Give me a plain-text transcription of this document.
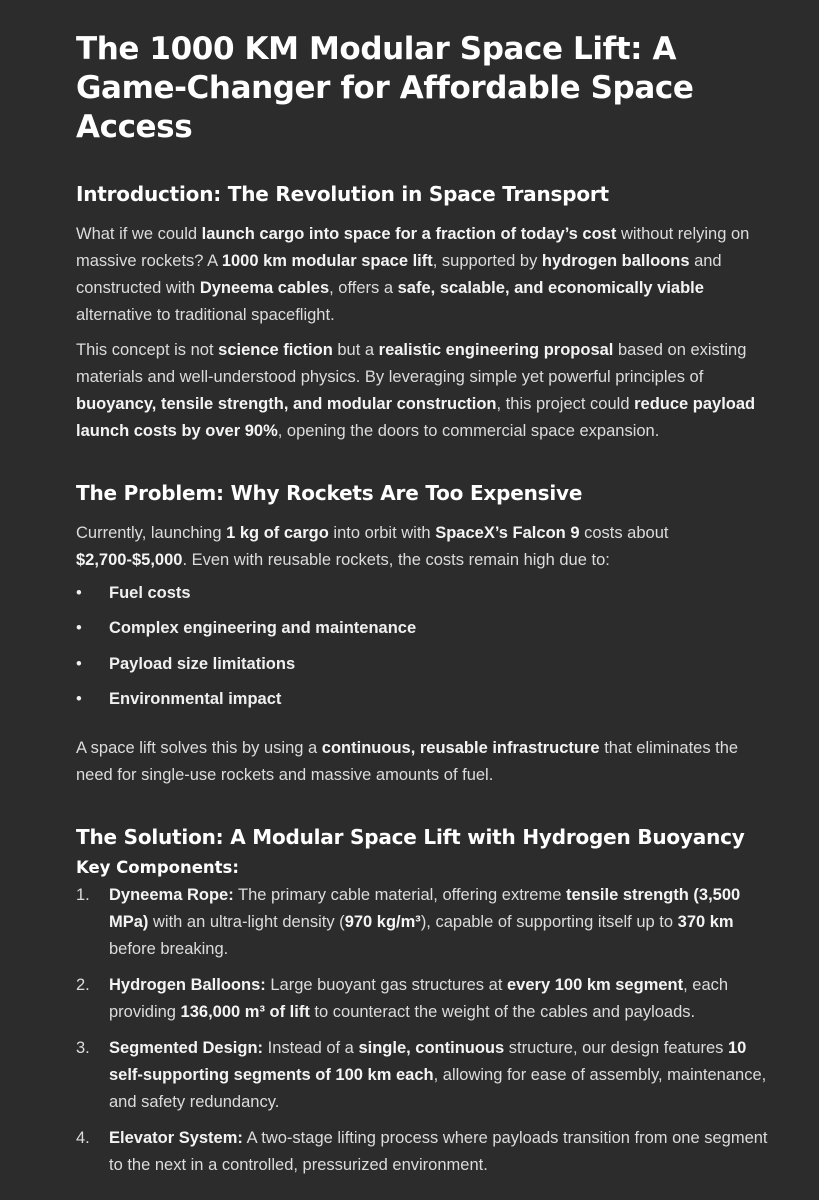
The 1000 KM Modular Space Lift: A Game-Changer for Affordable Space Access
Introduction: The Revolution in Space Transport

What if we could launch cargo into space for a fraction of today’s cost without relying on massive rockets? A 1000 km modular space lift, supported by hydrogen balloons and constructed with Dyneema cables, offers a safe, scalable, and economically viable alternative to traditional spaceflight.

This concept is not science fiction but a realistic engineering proposal based on existing materials and well-understood physics. By leveraging simple yet powerful principles of buoyancy, tensile strength, and modular construction, this project could reduce payload launch costs by over 90%, opening the doors to commercial space expansion.

The Problem: Why Rockets Are Too Expensive

Currently, launching 1 kg of cargo into orbit with SpaceX’s Falcon 9 costs about $2,700-$5,000. Even with reusable rockets, the costs remain high due to:

• Fuel costs
• Complex engineering and maintenance
• Payload size limitations
• Environmental impact

A space lift solves this by using a continuous, reusable infrastructure that eliminates the need for single-use rockets and massive amounts of fuel.

The Solution: A Modular Space Lift with Hydrogen Buoyancy
Key Components:
1.	Dyneema Rope: The primary cable material, offering extreme tensile strength (3,500 MPa) with an ultra-light density (970 kg/m³), capable of supporting itself up to 370 km before breaking.
2.	Hydrogen Balloons: Large buoyant gas structures at every 100 km segment, each providing 136,000 m³ of lift to counteract the weight of the cables and payloads.
3.	Segmented Design: Instead of a single, continuous structure, our design features 10 self-supporting segments of 100 km each, allowing for ease of assembly, maintenance, and safety redundancy.
4.	Elevator System: A two-stage lifting process where payloads transition from one segment to the next in a controlled, pressurized environment.
